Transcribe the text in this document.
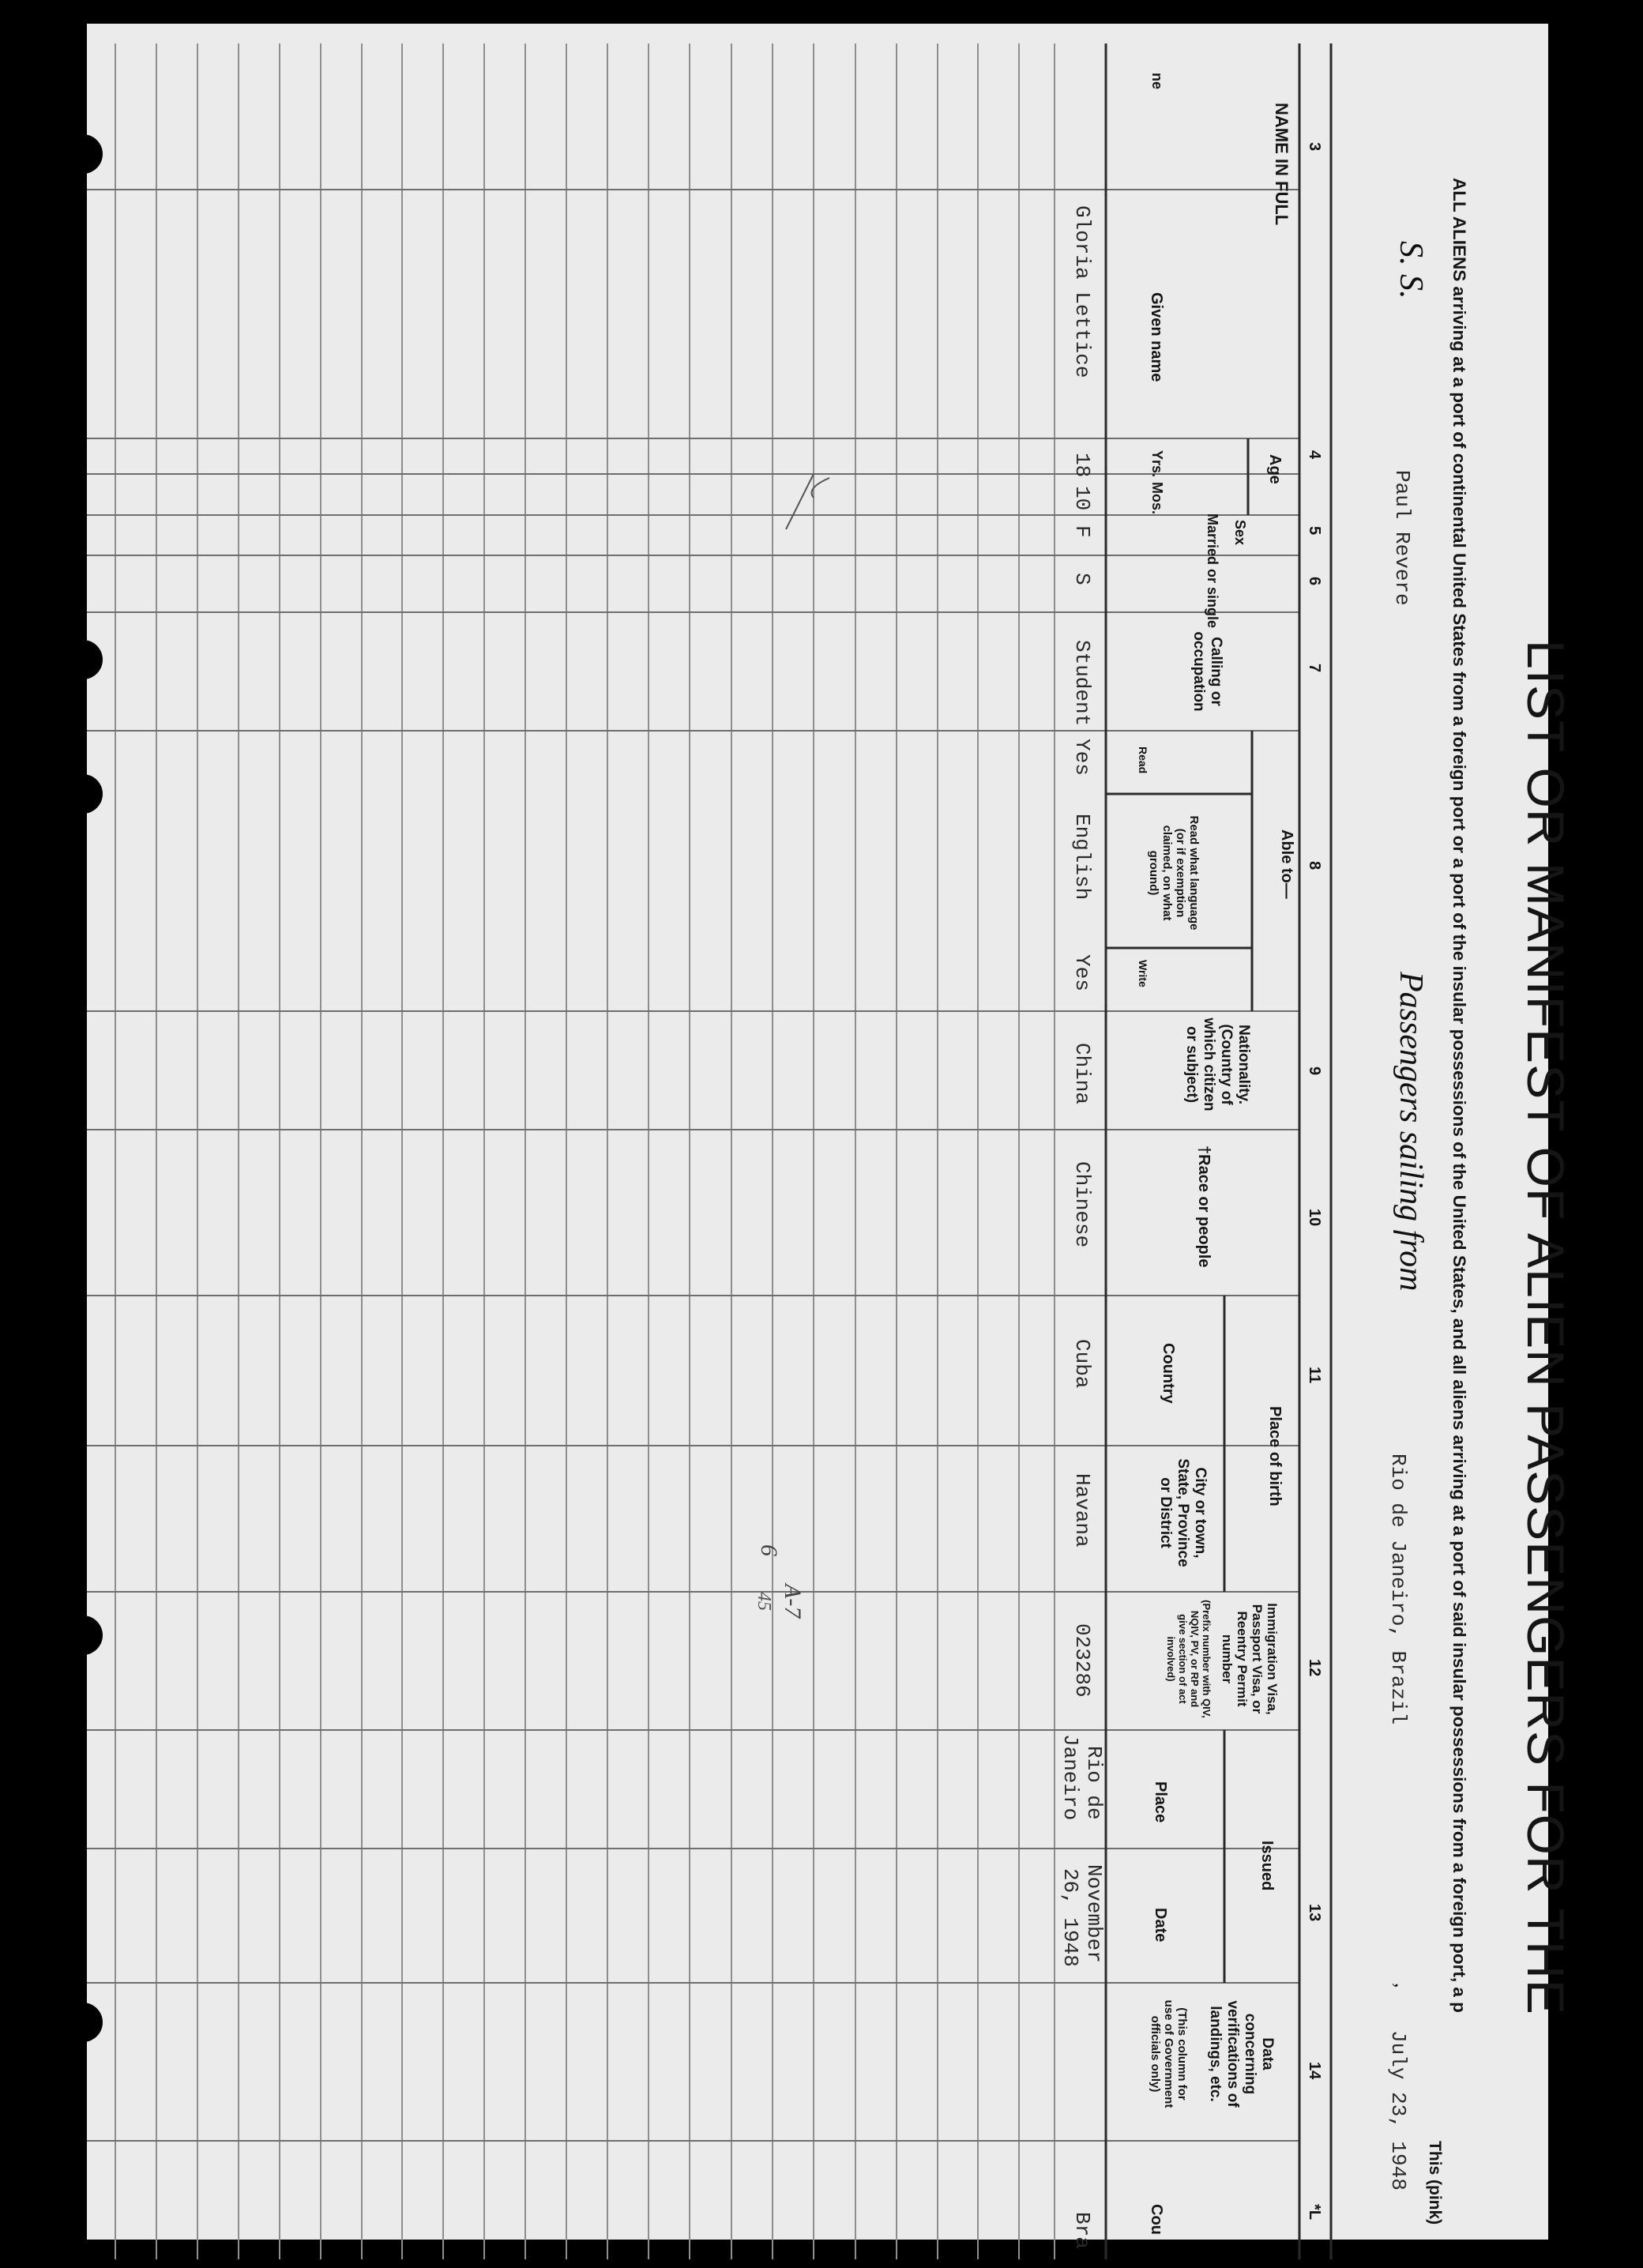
LIST OR MANIFEST OF ALIEN PASSENGERS FOR THE
ALL ALIENS arriving at a port of continental United States from a foreign port or a port of the insular possessions of the United States, and all aliens arriving at a port of said insular possessions from a foreign port, a p
This (pink)
S. S.
Paul Revere
Passengers sailing from
Rio de Janeiro, Brazil
,
July 23, 1948
3
4
5
6
7
8
9
10
11
12
13
14
NAME IN FULL
Given name
Age
Yrs.
Mos.
Sex
Married or single
Calling or occupation
Able to—
Read
Read what language (or if exemption claimed, on what ground)
Write
Nationality. (Country of which citizen or subject)
†Race or people
Place of birth
Country
City or town, State, Province or District
Immigration Visa, Passport Visa, or Reentry Permit number
(Prefix number with QIV, NQIV, PV, or RP and give section of act involved)
Issued
Place
Date
Data concerning verifications of landings, etc.
(This column for use of Government officials only)
*L
Cou
ne
Gloria Lettice
18
10
F
S
Student
Yes
English
Yes
China
Chinese
Cuba
Havana
023286
Rio de
Janeiro
November
26, 1948
Bra
6
A-7
45
